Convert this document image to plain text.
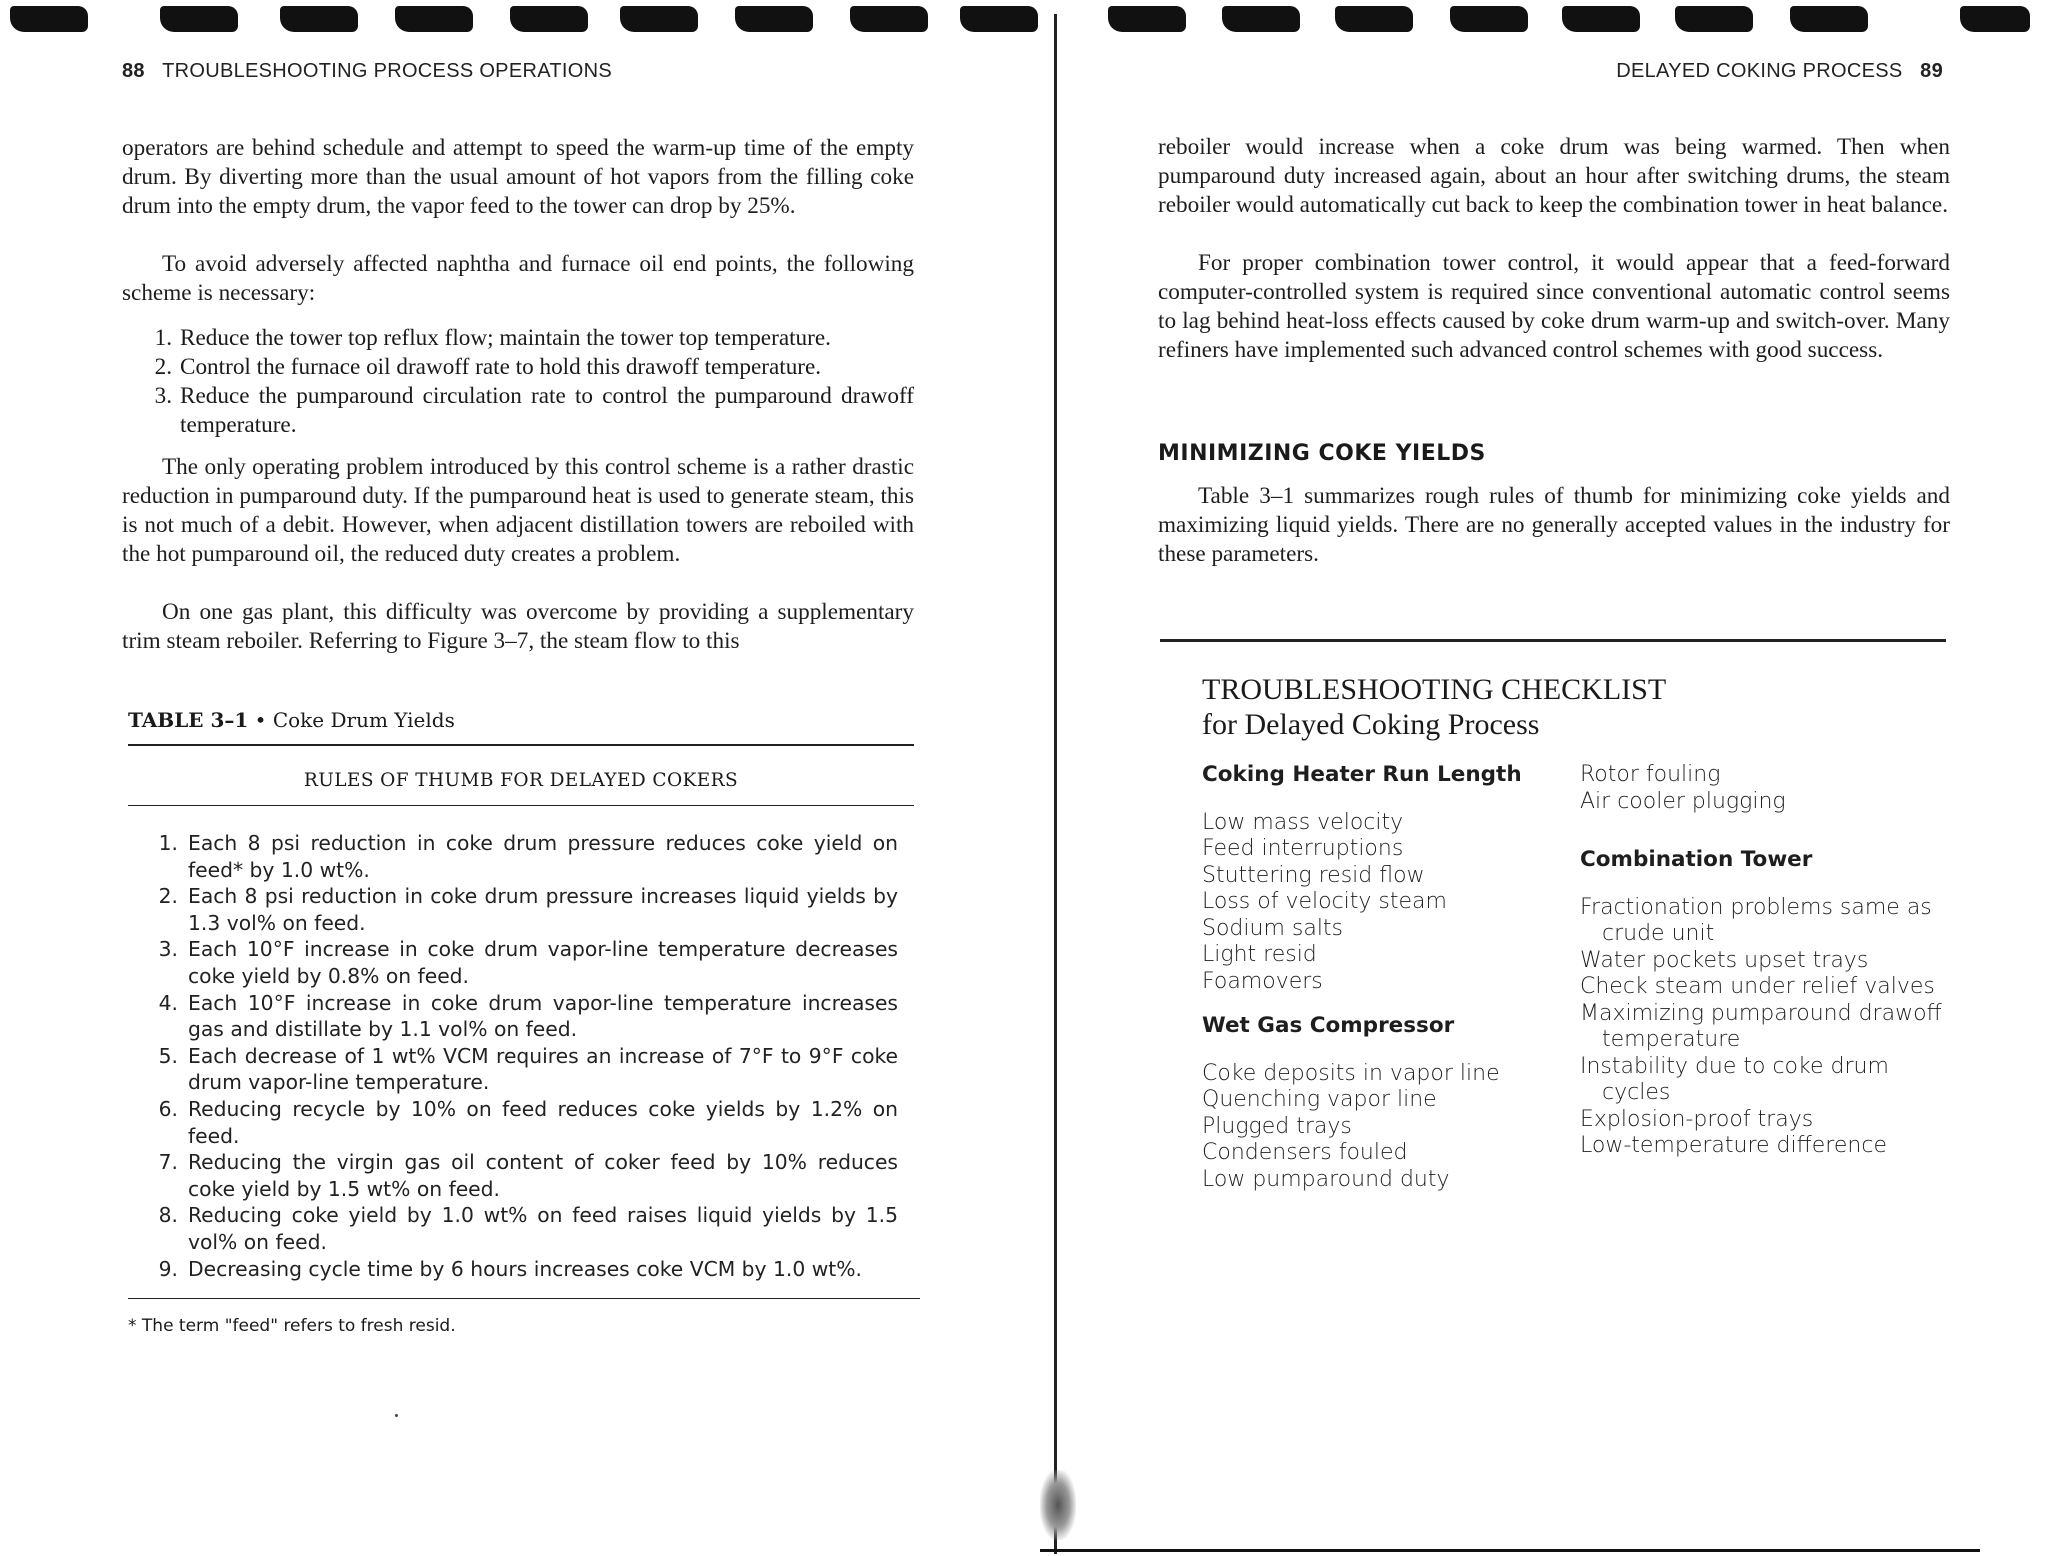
88 TROUBLESHOOTING PROCESS OPERATIONS

operators are behind schedule and attempt to speed the warm-up time of the empty drum. By diverting more than the usual amount of hot vapors from the filling coke drum into the empty drum, the vapor feed to the tower can drop by 25%.

To avoid adversely affected naphtha and furnace oil end points, the following scheme is necessary:

1. Reduce the tower top reflux flow; maintain the tower top temperature.
2. Control the furnace oil drawoff rate to hold this drawoff temperature.
3. Reduce the pumparound circulation rate to control the pumparound drawoff temperature.

The only operating problem introduced by this control scheme is a rather drastic reduction in pumparound duty. If the pumparound heat is used to generate steam, this is not much of a debit. However, when adjacent distillation towers are reboiled with the hot pumparound oil, the reduced duty creates a problem.

On one gas plant, this difficulty was overcome by providing a supplementary trim steam reboiler. Referring to Figure 3–7, the steam flow to this

TABLE 3–1 • Coke Drum Yields
RULES OF THUMB FOR DELAYED COKERS
1. Each 8 psi reduction in coke drum pressure reduces coke yield on feed* by 1.0 wt%.
2. Each 8 psi reduction in coke drum pressure increases liquid yields by 1.3 vol% on feed.
3. Each 10°F increase in coke drum vapor-line temperature decreases coke yield by 0.8% on feed.
4. Each 10°F increase in coke drum vapor-line temperature increases gas and distillate by 1.1 vol% on feed.
5. Each decrease of 1 wt% VCM requires an increase of 7°F to 9°F coke drum vapor-line temperature.
6. Reducing recycle by 10% on feed reduces coke yields by 1.2% on feed.
7. Reducing the virgin gas oil content of coker feed by 10% reduces coke yield by 1.5 wt% on feed.
8. Reducing coke yield by 1.0 wt% on feed raises liquid yields by 1.5 vol% on feed.
9. Decreasing cycle time by 6 hours increases coke VCM by 1.0 wt%.
* The term "feed" refers to fresh resid.
DELAYED COKING PROCESS 89

reboiler would increase when a coke drum was being warmed. Then when pumparound duty increased again, about an hour after switching drums, the steam reboiler would automatically cut back to keep the combination tower in heat balance.

For proper combination tower control, it would appear that a feed-forward computer-controlled system is required since conventional automatic control seems to lag behind heat-loss effects caused by coke drum warm-up and switch-over. Many refiners have implemented such advanced control schemes with good success.

MINIMIZING COKE YIELDS

Table 3–1 summarizes rough rules of thumb for minimizing coke yields and maximizing liquid yields. There are no generally accepted values in the industry for these parameters.

TROUBLESHOOTING CHECKLIST
for Delayed Coking Process

Coking Heater Run Length

Low mass velocity
Feed interruptions
Stuttering resid flow
Loss of velocity steam
Sodium salts
Light resid
Foamovers

Wet Gas Compressor

Coke deposits in vapor line
Quenching vapor line
Plugged trays
Condensers fouled
Low pumparound duty
Rotor fouling
Air cooler plugging

Combination Tower

Fractionation problems same as crude unit
Water pockets upset trays
Check steam under relief valves
Maximizing pumparound drawoff temperature
Instability due to coke drum cycles
Explosion-proof trays
Low-temperature difference
